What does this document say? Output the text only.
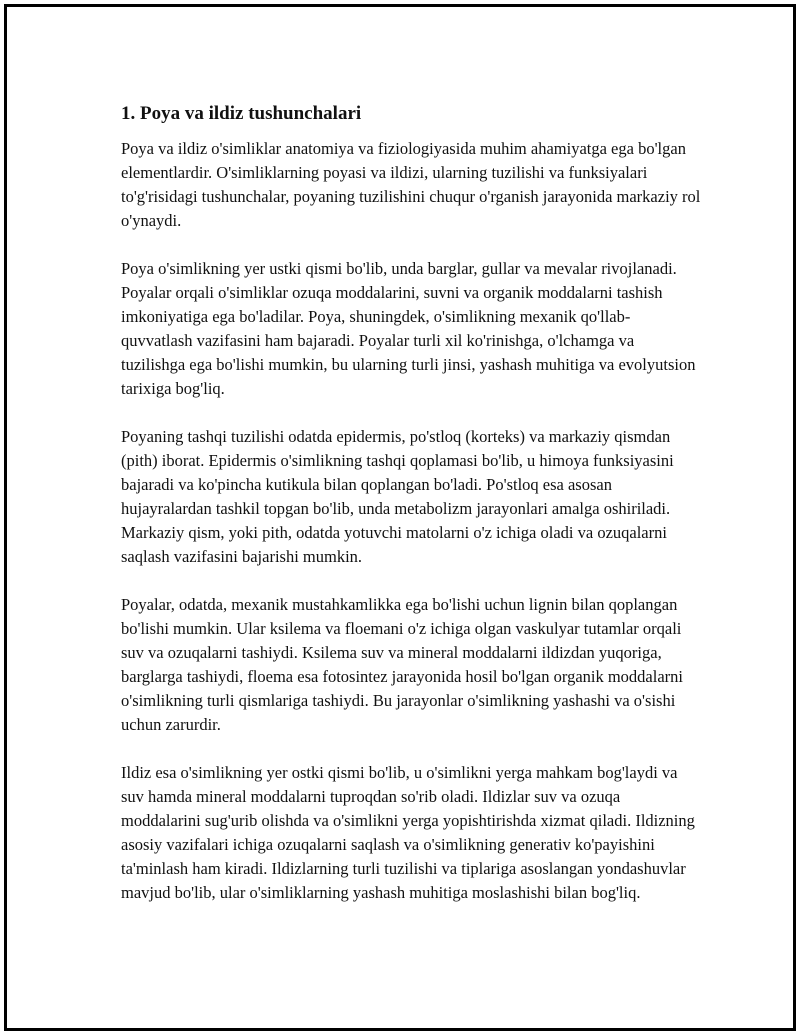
1. Poya va ildiz tushunchalari

Poya va ildiz o'simliklar anatomiya va fiziologiyasida muhim ahamiyatga ega bo'lgan elementlardir. O'simliklarning poyasi va ildizi, ularning tuzilishi va funksiyalari to'g'risidagi tushunchalar, poyaning tuzilishini chuqur o'rganish jarayonida markaziy rol o'ynaydi.

Poya o'simlikning yer ustki qismi bo'lib, unda barglar, gullar va mevalar rivojlanadi. Poyalar orqali o'simliklar ozuqa moddalarini, suvni va organik moddalarni tashish imkoniyatiga ega bo'ladilar. Poya, shuningdek, o'simlikning mexanik qo'llab-quvvatlash vazifasini ham bajaradi. Poyalar turli xil ko'rinishga, o'lchamga va tuzilishga ega bo'lishi mumkin, bu ularning turli jinsi, yashash muhitiga va evolyutsion tarixiga bog'liq.

Poyaning tashqi tuzilishi odatda epidermis, po'stloq (korteks) va markaziy qismdan (pith) iborat. Epidermis o'simlikning tashqi qoplamasi bo'lib, u himoya funksiyasini bajaradi va ko'pincha kutikula bilan qoplangan bo'ladi. Po'stloq esa asosan hujayralardan tashkil topgan bo'lib, unda metabolizm jarayonlari amalga oshiriladi. Markaziy qism, yoki pith, odatda yotuvchi matolarni o'z ichiga oladi va ozuqalarni saqlash vazifasini bajarishi mumkin.

Poyalar, odatda, mexanik mustahkamlikka ega bo'lishi uchun lignin bilan qoplangan bo'lishi mumkin. Ular ksilema va floemani o'z ichiga olgan vaskulyar tutamlar orqali suv va ozuqalarni tashiydi. Ksilema suv va mineral moddalarni ildizdan yuqoriga, barglarga tashiydi, floema esa fotosintez jarayonida hosil bo'lgan organik moddalarni o'simlikning turli qismlariga tashiydi. Bu jarayonlar o'simlikning yashashi va o'sishi uchun zarurdir.

Ildiz esa o'simlikning yer ostki qismi bo'lib, u o'simlikni yerga mahkam bog'laydi va suv hamda mineral moddalarni tuproqdan so'rib oladi. Ildizlar suv va ozuqa moddalarini sug'urib olishda va o'simlikni yerga yopishtirishda xizmat qiladi. Ildizning asosiy vazifalari ichiga ozuqalarni saqlash va o'simlikning generativ ko'payishini ta'minlash ham kiradi. Ildizlarning turli tuzilishi va tiplariga asoslangan yondashuvlar mavjud bo'lib, ular o'simliklarning yashash muhitiga moslashishi bilan bog'liq.
